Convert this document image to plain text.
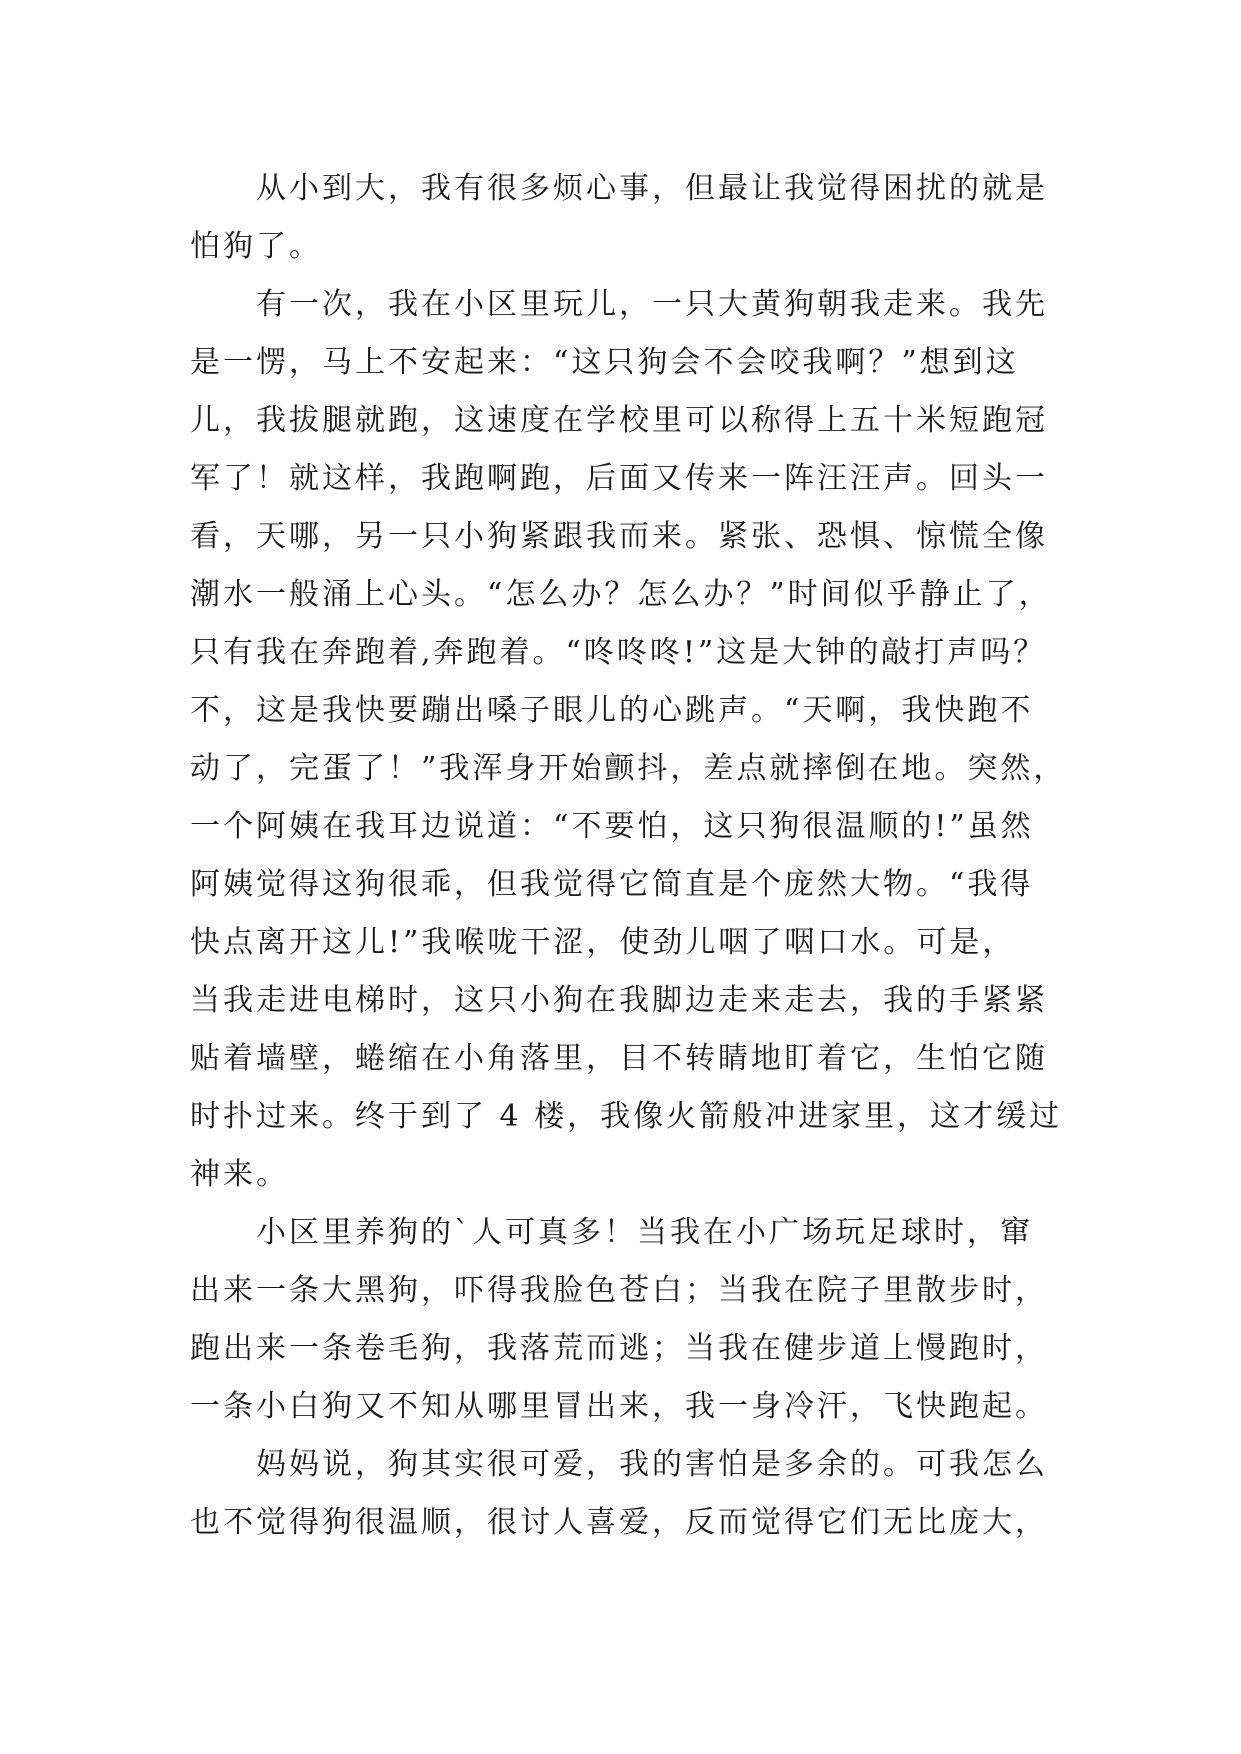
　　从小到大，我有很多烦心事，但最让我觉得困扰的就是
怕狗了。

　　有一次，我在小区里玩儿，一只大黄狗朝我走来。我先
是一愣，马上不安起来：“这只狗会不会咬我啊？”想到这
儿，我拔腿就跑，这速度在学校里可以称得上五十米短跑冠
军了！就这样，我跑啊跑，后面又传来一阵汪汪声。回头一
看，天哪，另一只小狗紧跟我而来。紧张、恐惧、惊慌全像
潮水一般涌上心头。“怎么办？怎么办？”时间似乎静止了，
只有我在奔跑着,奔跑着。“咚咚咚!”这是大钟的敲打声吗？
不，这是我快要蹦出嗓子眼儿的心跳声。“天啊，我快跑不
动了，完蛋了！”我浑身开始颤抖，差点就摔倒在地。突然，
一个阿姨在我耳边说道：“不要怕，这只狗很温顺的!”虽然
阿姨觉得这狗很乖，但我觉得它简直是个庞然大物。“我得
快点离开这儿!”我喉咙干涩，使劲儿咽了咽口水。可是，
当我走进电梯时，这只小狗在我脚边走来走去，我的手紧紧
贴着墙壁，蜷缩在小角落里，目不转睛地盯着它，生怕它随
时扑过来。终于到了 4 楼，我像火箭般冲进家里，这才缓过
神来。

　　小区里养狗的`人可真多！当我在小广场玩足球时，窜
出来一条大黑狗，吓得我脸色苍白；当我在院子里散步时，
跑出来一条卷毛狗，我落荒而逃；当我在健步道上慢跑时，
一条小白狗又不知从哪里冒出来，我一身冷汗，飞快跑起。

　　妈妈说，狗其实很可爱，我的害怕是多余的。可我怎么
也不觉得狗很温顺，很讨人喜爱，反而觉得它们无比庞大，
